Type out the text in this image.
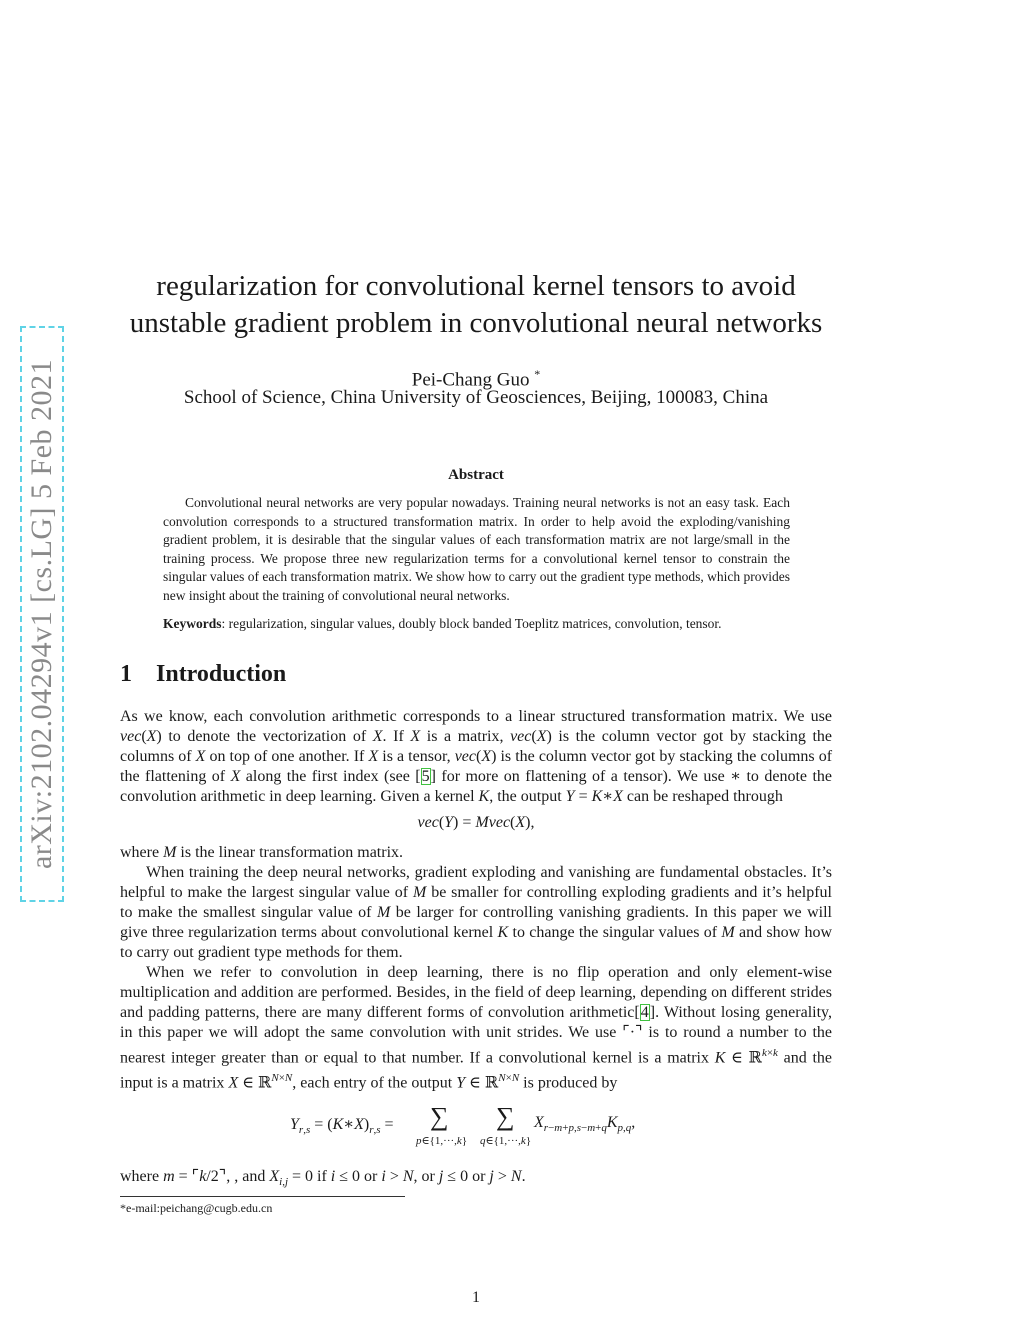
arXiv:2102.04294v1 [cs.LG] 5 Feb 2021
regularization for convolutional kernel tensors to avoid
unstable gradient problem in convolutional neural networks
Pei-Chang Guo *
School of Science, China University of Geosciences, Beijing, 100083, China
Abstract

Convolutional neural networks are very popular nowadays. Training neural networks is not an easy task. Each convolution corresponds to a structured transformation matrix. In order to help avoid the exploding/vanishing gradient problem, it is desirable that the singular values of each transformation matrix are not large/small in the training process. We propose three new regularization terms for a convolutional kernel tensor to constrain the singular values of each transformation matrix. We show how to carry out the gradient type methods, which provides new insight about the training of convolutional neural networks.

Keywords: regularization, singular values, doubly block banded Toeplitz matrices, convolution, tensor.
1 Introduction

As we know, each convolution arithmetic corresponds to a linear structured transformation matrix. We use vec(X) to denote the vectorization of X. If X is a matrix, vec(X) is the column vector got by stacking the columns of X on top of one another. If X is a tensor, vec(X) is the column vector got by stacking the columns of the flattening of X along the first index (see [5] for more on flattening of a tensor). We use ∗ to denote the convolution arithmetic in deep learning. Given a kernel K, the output Y = K∗X can be reshaped through

vec(Y) = Mvec(X),

where M is the linear transformation matrix.

When training the deep neural networks, gradient exploding and vanishing are fundamental obstacles. It’s helpful to make the largest singular value of M be smaller for controlling exploding gradients and it’s helpful to make the smallest singular value of M be larger for controlling vanishing gradients. In this paper we will give three regularization terms about convolutional kernel K to change the singular values of M and show how to carry out gradient type methods for them.

When we refer to convolution in deep learning, there is no flip operation and only element-wise multiplication and addition are performed. Besides, in the field of deep learning, depending on different strides and padding patterns, there are many different forms of convolution arithmetic[4]. Without losing generality, in this paper we will adopt the same convolution with unit strides. We use ⌜·⌝ is to round a number to the nearest integer greater than or equal to that number. If a convolutional kernel is a matrix K ∈ ℝ$^{k\times k}$ and the input is a matrix X ∈ ℝ$^{N\times N}$, each entry of the output Y ∈ ℝ$^{N\times N}$ is produced by

$Y_{r,s}$ = $(K∗X)_{r,s}$ = ∑
p∈{1,···,k}
∑
q∈{1,···,k}
$X_{r-m+p,s-m+q}K_{p,q}$,

where m = ⌜k/2⌝, , and $X_{i,j} = 0$ if i ≤ 0 or i > N, or j ≤ 0 or j > N.

*e-mail:peichang@cugb.edu.cn
1
